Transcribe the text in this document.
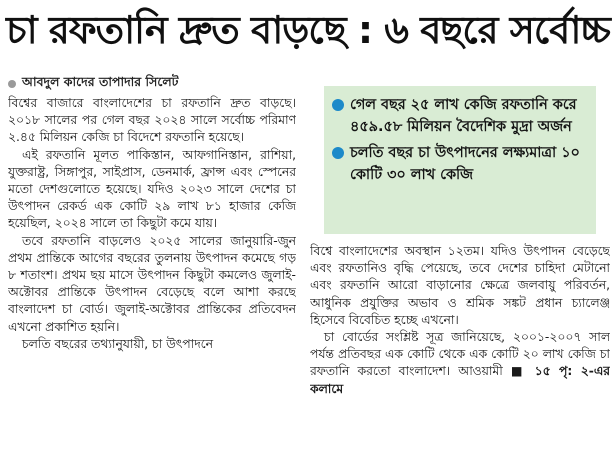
চা রফতানি দ্রুত বাড়ছে : ৬ বছরে সর্বোচ্চ
আবদুল কাদের তাপাদার সিলেট

বিশ্বের বাজারে বাংলাদেশের চা রফতানি দ্রুত বাড়ছে। ২০১৮ সালের পর গেল বছর ২০২৪ সালে সর্বোচ্চ পরিমাণ ২.৪৫ মিলিয়ন কেজি চা বিদেশে রফতানি হয়েছে।

এই রফতানি মূলত পাকিস্তান, আফগানিস্তান, রাশিয়া, যুক্তরাষ্ট্র, সিঙ্গাপুর, সাইপ্রাস, ডেনমার্ক, ফ্রান্স এবং স্পেনের মতো দেশগুলোতে হয়েছে। যদিও ২০২৩ সালে দেশের চা উৎপাদন রেকর্ড এক কোটি ২৯ লাখ ৮১ হাজার কেজি হয়েছিল, ২০২৪ সালে তা কিছুটা কমে যায়।

তবে রফতানি বাড়লেও ২০২৫ সালের জানুয়ারি-জুন প্রথম প্রান্তিকে আগের বছরের তুলনায় উৎপাদন কমেছে গড় ৮ শতাংশ। প্রথম ছয় মাসে উৎপাদন কিছুটা কমলেও জুলাই-অক্টোবর প্রান্তিকে উৎপাদন বেড়েছে বলে আশা করছে বাংলাদেশ চা বোর্ড। জুলাই-অক্টোবর প্রান্তিকের প্রতিবেদন এখনো প্রকাশিত হয়নি।

চলতি বছরের তথ্যানুযায়ী, চা উৎপাদনে

গেল বছর ২৫ লাখ কেজি রফতানি করে ৪৫৯.৫৮ মিলিয়ন বৈদেশিক মুদ্রা অর্জন
চলতি বছর চা উৎপাদনের লক্ষ্যমাত্রা ১০ কোটি ৩০ লাখ কেজি

বিশ্বে বাংলাদেশের অবস্থান ১২তম। যদিও উৎপাদন বেড়েছে এবং রফতানিও বৃদ্ধি পেয়েছে, তবে দেশের চাহিদা মেটানো এবং রফতানি আরো বাড়ানোর ক্ষেত্রে জলবায়ু পরিবর্তন, আধুনিক প্রযুক্তির অভাব ও শ্রমিক সঙ্কট প্রধান চ্যালেঞ্জ হিসেবে বিবেচিত হচ্ছে এখনো।

চা বোর্ডের সংশ্লিষ্ট সূত্র জানিয়েছে, ২০০১-২০০৭ সাল পর্যন্ত প্রতিবছর এক কোটি থেকে এক কোটি ২০ লাখ কেজি চা রফতানি করতো বাংলাদেশ। আওয়ামী ■ ১৫ পৃ: ২-এর কলামে
